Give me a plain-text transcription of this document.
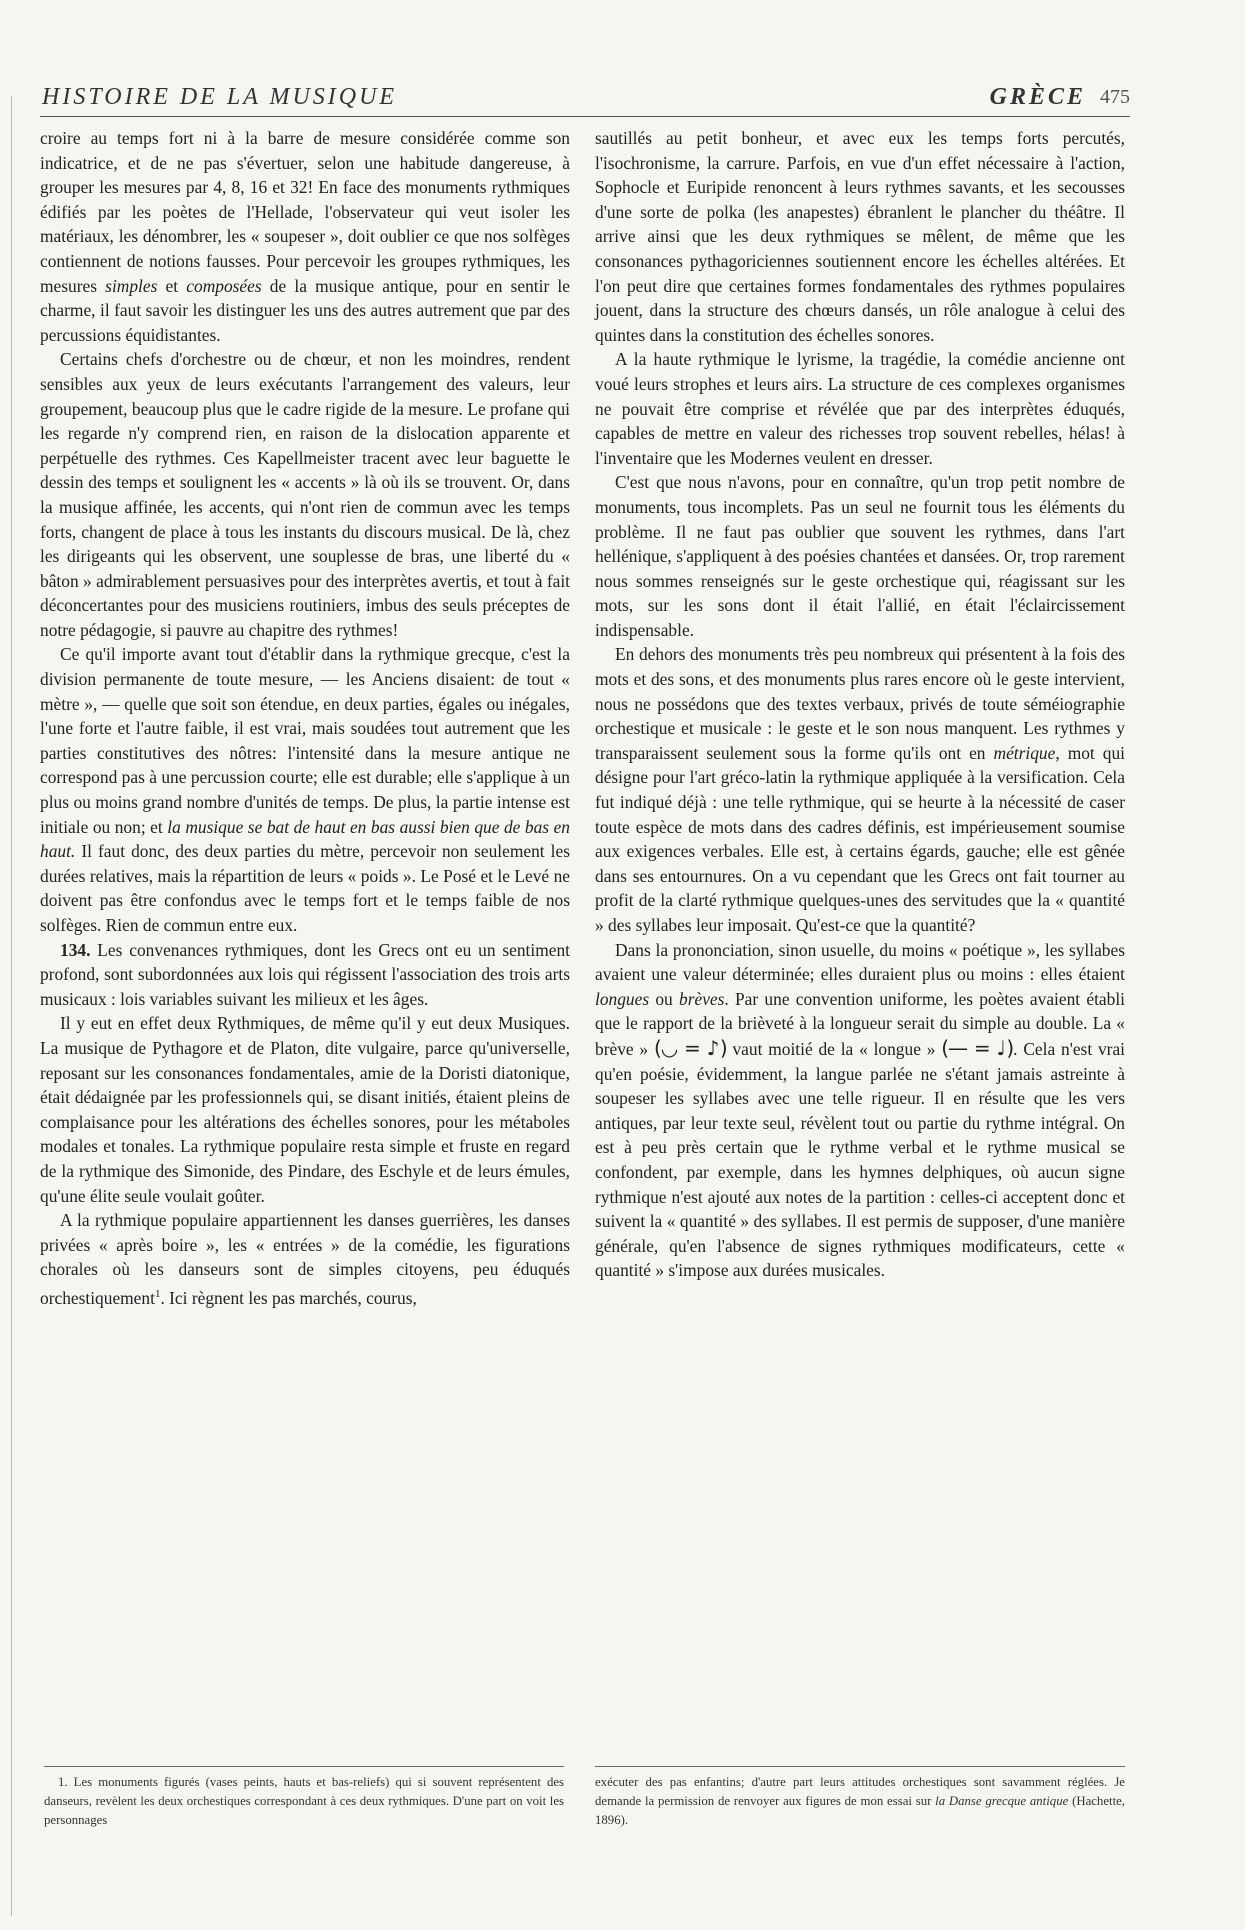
HISTOIRE DE LA MUSIQUE	GRÈCE 475

croire au temps fort ni à la barre de mesure considérée comme son indicatrice, et de ne pas s'évertuer, selon une habitude dangereuse, à grouper les mesures par 4, 8, 16 et 32! En face des monuments rythmiques édifiés par les poètes de l'Hellade, l'observateur qui veut isoler les matériaux, les dénombrer, les « soupeser », doit oublier ce que nos solfèges contiennent de notions fausses. Pour percevoir les groupes rythmiques, les mesures simples et composées de la musique antique, pour en sentir le charme, il faut savoir les distinguer les uns des autres autrement que par des percussions équidistantes.

Certains chefs d'orchestre ou de chœur, et non les moindres, rendent sensibles aux yeux de leurs exécutants l'arrangement des valeurs, leur groupement, beaucoup plus que le cadre rigide de la mesure. Le profane qui les regarde n'y comprend rien, en raison de la dislocation apparente et perpétuelle des rythmes. Ces Kapellmeister tracent avec leur baguette le dessin des temps et soulignent les « accents » là où ils se trouvent. Or, dans la musique affinée, les accents, qui n'ont rien de commun avec les temps forts, changent de place à tous les instants du discours musical. De là, chez les dirigeants qui les observent, une souplesse de bras, une liberté du « bâton » admirablement persuasives pour des interprètes avertis, et tout à fait déconcertantes pour des musiciens routiniers, imbus des seuls préceptes de notre pédagogie, si pauvre au chapitre des rythmes!

Ce qu'il importe avant tout d'établir dans la rythmique grecque, c'est la division permanente de toute mesure, — les Anciens disaient: de tout « mètre », — quelle que soit son étendue, en deux parties, égales ou inégales, l'une forte et l'autre faible, il est vrai, mais soudées tout autrement que les parties constitutives des nôtres: l'intensité dans la mesure antique ne correspond pas à une percussion courte; elle est durable; elle s'applique à un plus ou moins grand nombre d'unités de temps. De plus, la partie intense est initiale ou non; et la musique se bat de haut en bas aussi bien que de bas en haut. Il faut donc, des deux parties du mètre, percevoir non seulement les durées relatives, mais la répartition de leurs « poids ». Le Posé et le Levé ne doivent pas être confondus avec le temps fort et le temps faible de nos solfèges. Rien de commun entre eux.

134. Les convenances rythmiques, dont les Grecs ont eu un sentiment profond, sont subordonnées aux lois qui régissent l'association des trois arts musicaux : lois variables suivant les milieux et les âges.

Il y eut en effet deux Rythmiques, de même qu'il y eut deux Musiques. La musique de Pythagore et de Platon, dite vulgaire, parce qu'universelle, reposant sur les consonances fondamentales, amie de la Doristi diatonique, était dédaignée par les professionnels qui, se disant initiés, étaient pleins de complaisance pour les altérations des échelles sonores, pour les métaboles modales et tonales. La rythmique populaire resta simple et fruste en regard de la rythmique des Simonide, des Pindare, des Eschyle et de leurs émules, qu'une élite seule voulait goûter.

A la rythmique populaire appartiennent les danses guerrières, les danses privées « après boire », les « entrées » de la comédie, les figurations chorales où les danseurs sont de simples citoyens, peu éduqués orchestiquement$^1$. Ici règnent les pas marchés, courus,

sautillés au petit bonheur, et avec eux les temps forts percutés, l'isochronisme, la carrure. Parfois, en vue d'un effet nécessaire à l'action, Sophocle et Euripide renoncent à leurs rythmes savants, et les secousses d'une sorte de polka (les anapestes) ébranlent le plancher du théâtre. Il arrive ainsi que les deux rythmiques se mêlent, de même que les consonances pythagoriciennes soutiennent encore les échelles altérées. Et l'on peut dire que certaines formes fondamentales des rythmes populaires jouent, dans la structure des chœurs dansés, un rôle analogue à celui des quintes dans la constitution des échelles sonores.

A la haute rythmique le lyrisme, la tragédie, la comédie ancienne ont voué leurs strophes et leurs airs. La structure de ces complexes organismes ne pouvait être comprise et révélée que par des interprètes éduqués, capables de mettre en valeur des richesses trop souvent rebelles, hélas! à l'inventaire que les Modernes veulent en dresser.

C'est que nous n'avons, pour en connaître, qu'un trop petit nombre de monuments, tous incomplets. Pas un seul ne fournit tous les éléments du problème. Il ne faut pas oublier que souvent les rythmes, dans l'art hellénique, s'appliquent à des poésies chantées et dansées. Or, trop rarement nous sommes renseignés sur le geste orchestique qui, réagissant sur les mots, sur les sons dont il était l'allié, en était l'éclaircissement indispensable.

En dehors des monuments très peu nombreux qui présentent à la fois des mots et des sons, et des monuments plus rares encore où le geste intervient, nous ne possédons que des textes verbaux, privés de toute séméiographie orchestique et musicale : le geste et le son nous manquent. Les rythmes y transparaissent seulement sous la forme qu'ils ont en métrique, mot qui désigne pour l'art gréco-latin la rythmique appliquée à la versification. Cela fut indiqué déjà : une telle rythmique, qui se heurte à la nécessité de caser toute espèce de mots dans des cadres définis, est impérieusement soumise aux exigences verbales. Elle est, à certains égards, gauche; elle est gênée dans ses entournures. On a vu cependant que les Grecs ont fait tourner au profit de la clarté rythmique quelques-unes des servitudes que la « quantité » des syllabes leur imposait. Qu'est-ce que la quantité?

Dans la prononciation, sinon usuelle, du moins « poétique », les syllabes avaient une valeur déterminée; elles duraient plus ou moins : elles étaient longues ou brèves. Par une convention uniforme, les poètes avaient établi que le rapport de la brièveté à la longueur serait du simple au double. La « brève » (◡ = ♪) vaut moitié de la « longue » (— = ♩). Cela n'est vrai qu'en poésie, évidemment, la langue parlée ne s'étant jamais astreinte à soupeser les syllabes avec une telle rigueur. Il en résulte que les vers antiques, par leur texte seul, révèlent tout ou partie du rythme intégral. On est à peu près certain que le rythme verbal et le rythme musical se confondent, par exemple, dans les hymnes delphiques, où aucun signe rythmique n'est ajouté aux notes de la partition : celles-ci acceptent donc et suivent la « quantité » des syllabes. Il est permis de supposer, d'une manière générale, qu'en l'absence de signes rythmiques modificateurs, cette « quantité » s'impose aux durées musicales.

1. Les monuments figurés (vases peints, hauts et bas-reliefs) qui si souvent représentent des danseurs, revèlent les deux orchestiques correspondant à ces deux rythmiques. D'une part on voit les personnages

exécuter des pas enfantins; d'autre part leurs attitudes orchestiques sont savamment réglées. Je demande la permission de renvoyer aux figures de mon essai sur la Danse grecque antique (Hachette, 1896).
